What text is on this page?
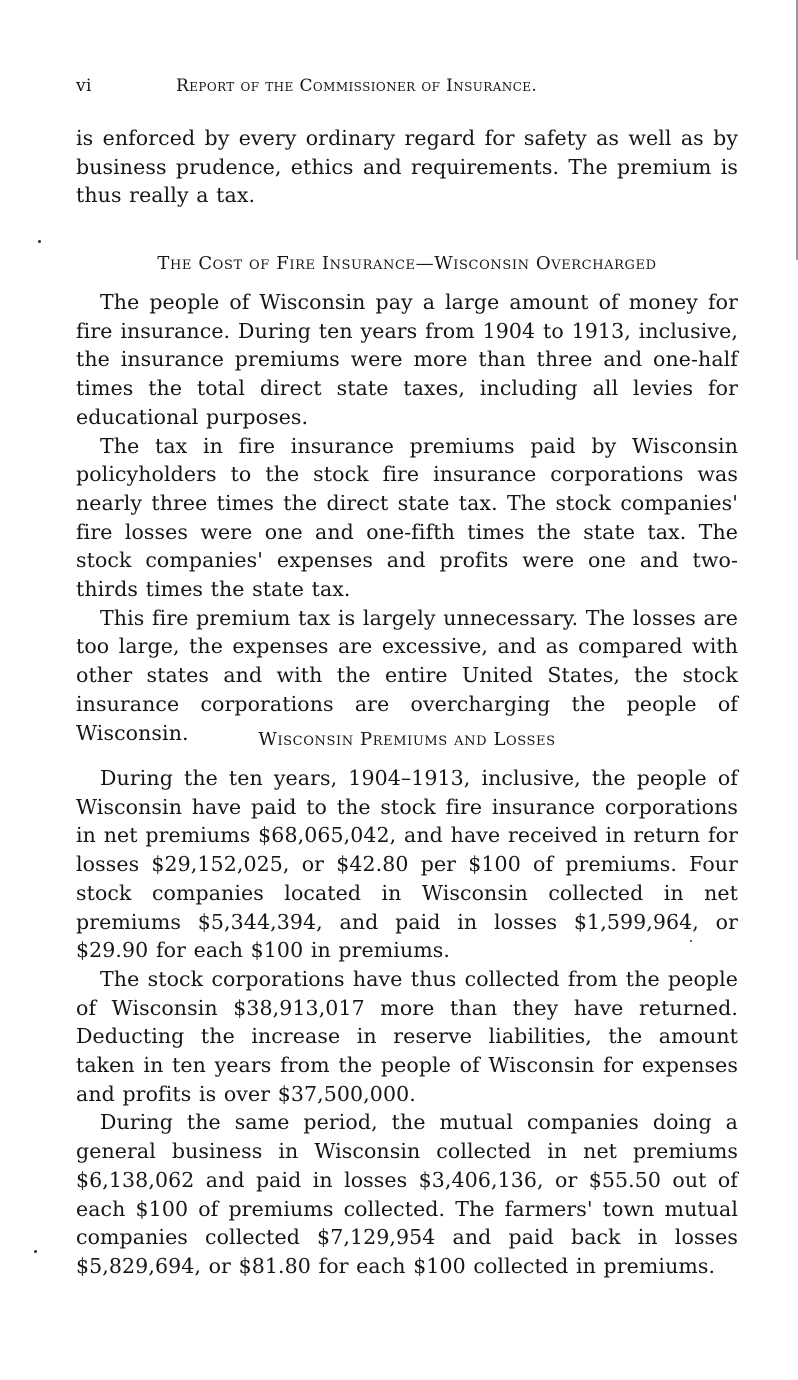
vi	Report of the Commissioner of Insurance.

is enforced by every ordinary regard for safety as well as by business prudence, ethics and requirements. The premium is thus really a tax.

The Cost of Fire Insurance—Wisconsin Overcharged

The people of Wisconsin pay a large amount of money for fire insurance. During ten years from 1904 to 1913, inclusive, the insurance premiums were more than three and one-half times the total direct state taxes, including all levies for educational purposes.

The tax in fire insurance premiums paid by Wisconsin policyholders to the stock fire insurance corporations was nearly three times the direct state tax. The stock companies' fire losses were one and one-fifth times the state tax. The stock companies' expenses and profits were one and two-thirds times the state tax.

This fire premium tax is largely unnecessary. The losses are too large, the expenses are excessive, and as compared with other states and with the entire United States, the stock insurance corporations are overcharging the people of Wisconsin.	Wisconsin Premiums and Losses

During the ten years, 1904–1913, inclusive, the people of Wisconsin have paid to the stock fire insurance corporations in net premiums $68,065,042, and have received in return for losses $29,152,025, or $42.80 per $100 of premiums. Four stock companies located in Wisconsin collected in net premiums $5,344,394, and paid in losses $1,599,964, or $29.90 for each $100 in premiums.

The stock corporations have thus collected from the people of Wisconsin $38,913,017 more than they have returned. Deducting the increase in reserve liabilities, the amount taken in ten years from the people of Wisconsin for expenses and profits is over $37,500,000.

During the same period, the mutual companies doing a general business in Wisconsin collected in net premiums $6,138,062 and paid in losses $3,406,136, or $55.50 out of each $100 of premiums collected. The farmers' town mutual companies collected $7,129,954 and paid back in losses $5,829,694, or $81.80 for each $100 collected in premiums.
